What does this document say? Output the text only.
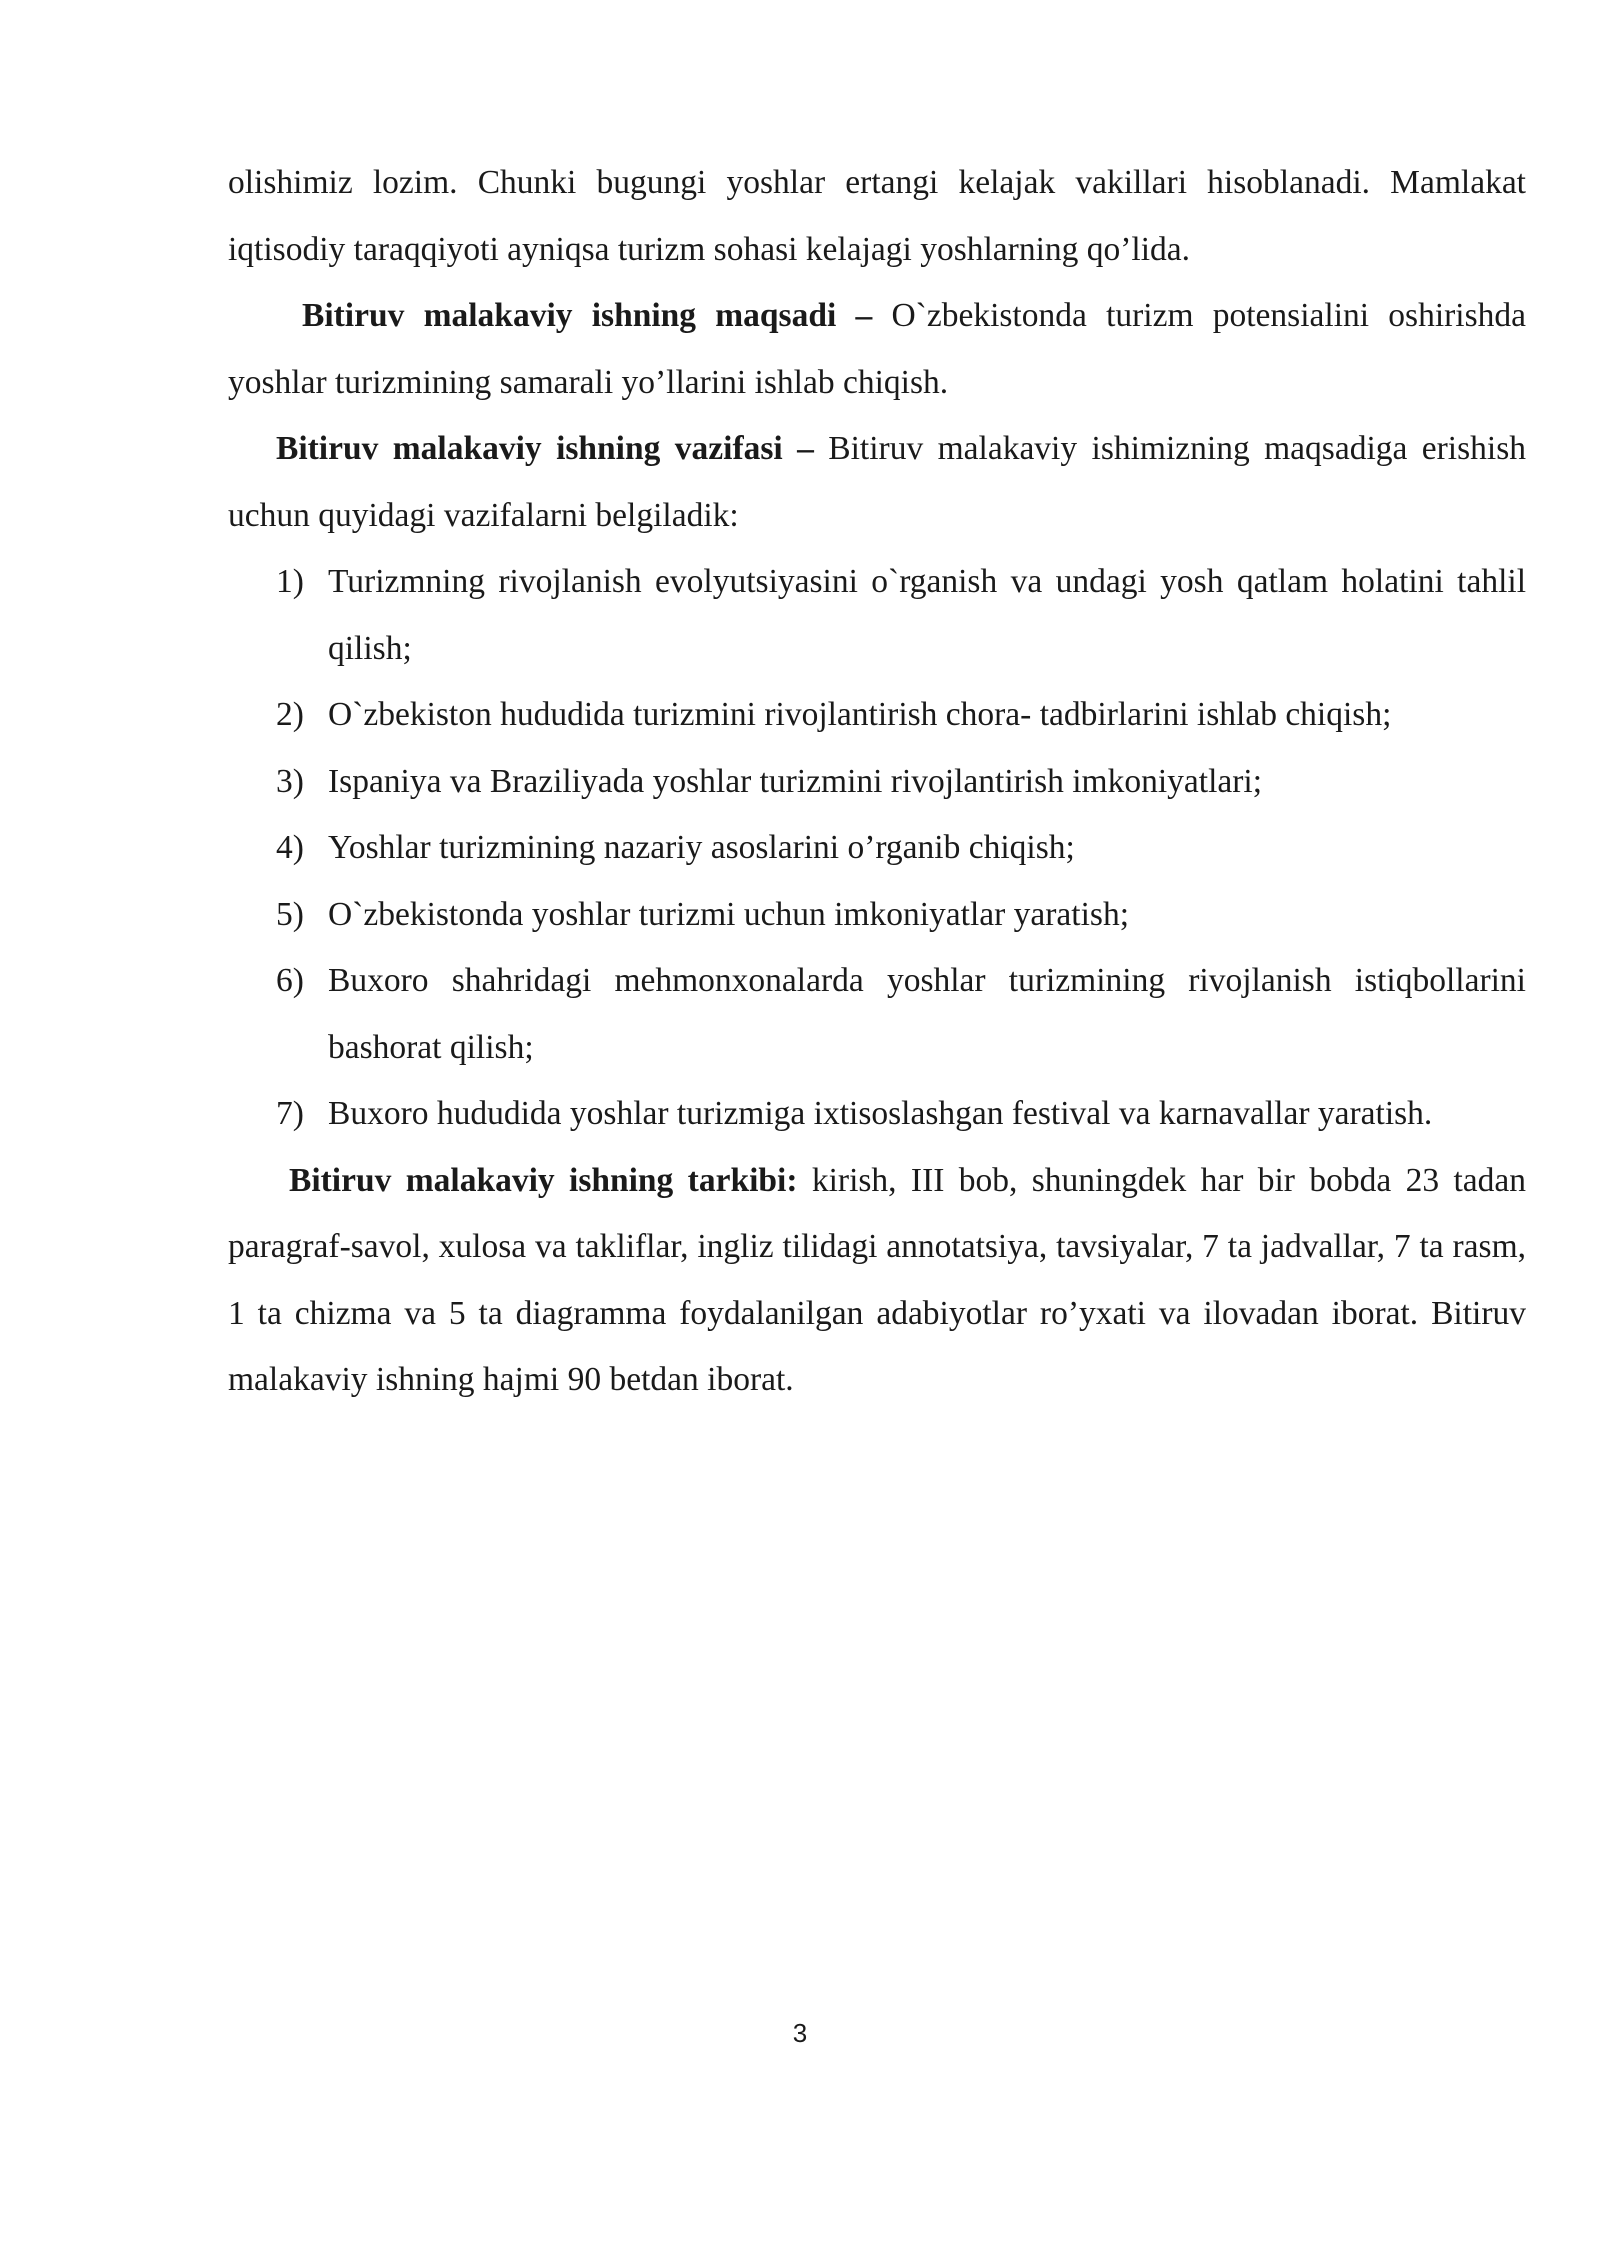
olishimiz lozim. Chunki bugungi yoshlar ertangi kelajak vakillari hisoblanadi. Mamlakat iqtisodiy taraqqiyoti ayniqsa turizm sohasi kelajagi yoshlarning qo’lida.

Bitiruv malakaviy ishning maqsadi – O`zbekistonda turizm potensialini oshirishda yoshlar turizmining samarali yo’llarini ishlab chiqish.

Bitiruv malakaviy ishning vazifasi – Bitiruv malakaviy ishimizning maqsadiga erishish uchun quyidagi vazifalarni belgiladik:

1) Turizmning rivojlanish evolyutsiyasini o`rganish va undagi yosh qatlam holatini tahlil qilish;
2) O`zbekiston hududida turizmini rivojlantirish chora- tadbirlarini ishlab chiqish;
3) Ispaniya va Braziliyada yoshlar turizmini rivojlantirish imkoniyatlari;
4) Yoshlar turizmining nazariy asoslarini o’rganib chiqish;
5) O`zbekistonda yoshlar turizmi uchun imkoniyatlar yaratish;
6) Buxoro shahridagi mehmonxonalarda yoshlar turizmining rivojlanish istiqbollarini bashorat qilish;
7) Buxoro hududida yoshlar turizmiga ixtisoslashgan festival va karnavallar yaratish.

Bitiruv malakaviy ishning tarkibi: kirish, III bob, shuningdek har bir bobda 23 tadan paragraf-savol, xulosa va takliflar, ingliz tilidagi annotatsiya, tavsiyalar, 7 ta jadvallar, 7 ta rasm, 1 ta chizma va 5 ta diagramma foydalanilgan adabiyotlar ro’yxati va ilovadan iborat. Bitiruv malakaviy ishning hajmi 90 betdan iborat.

3
